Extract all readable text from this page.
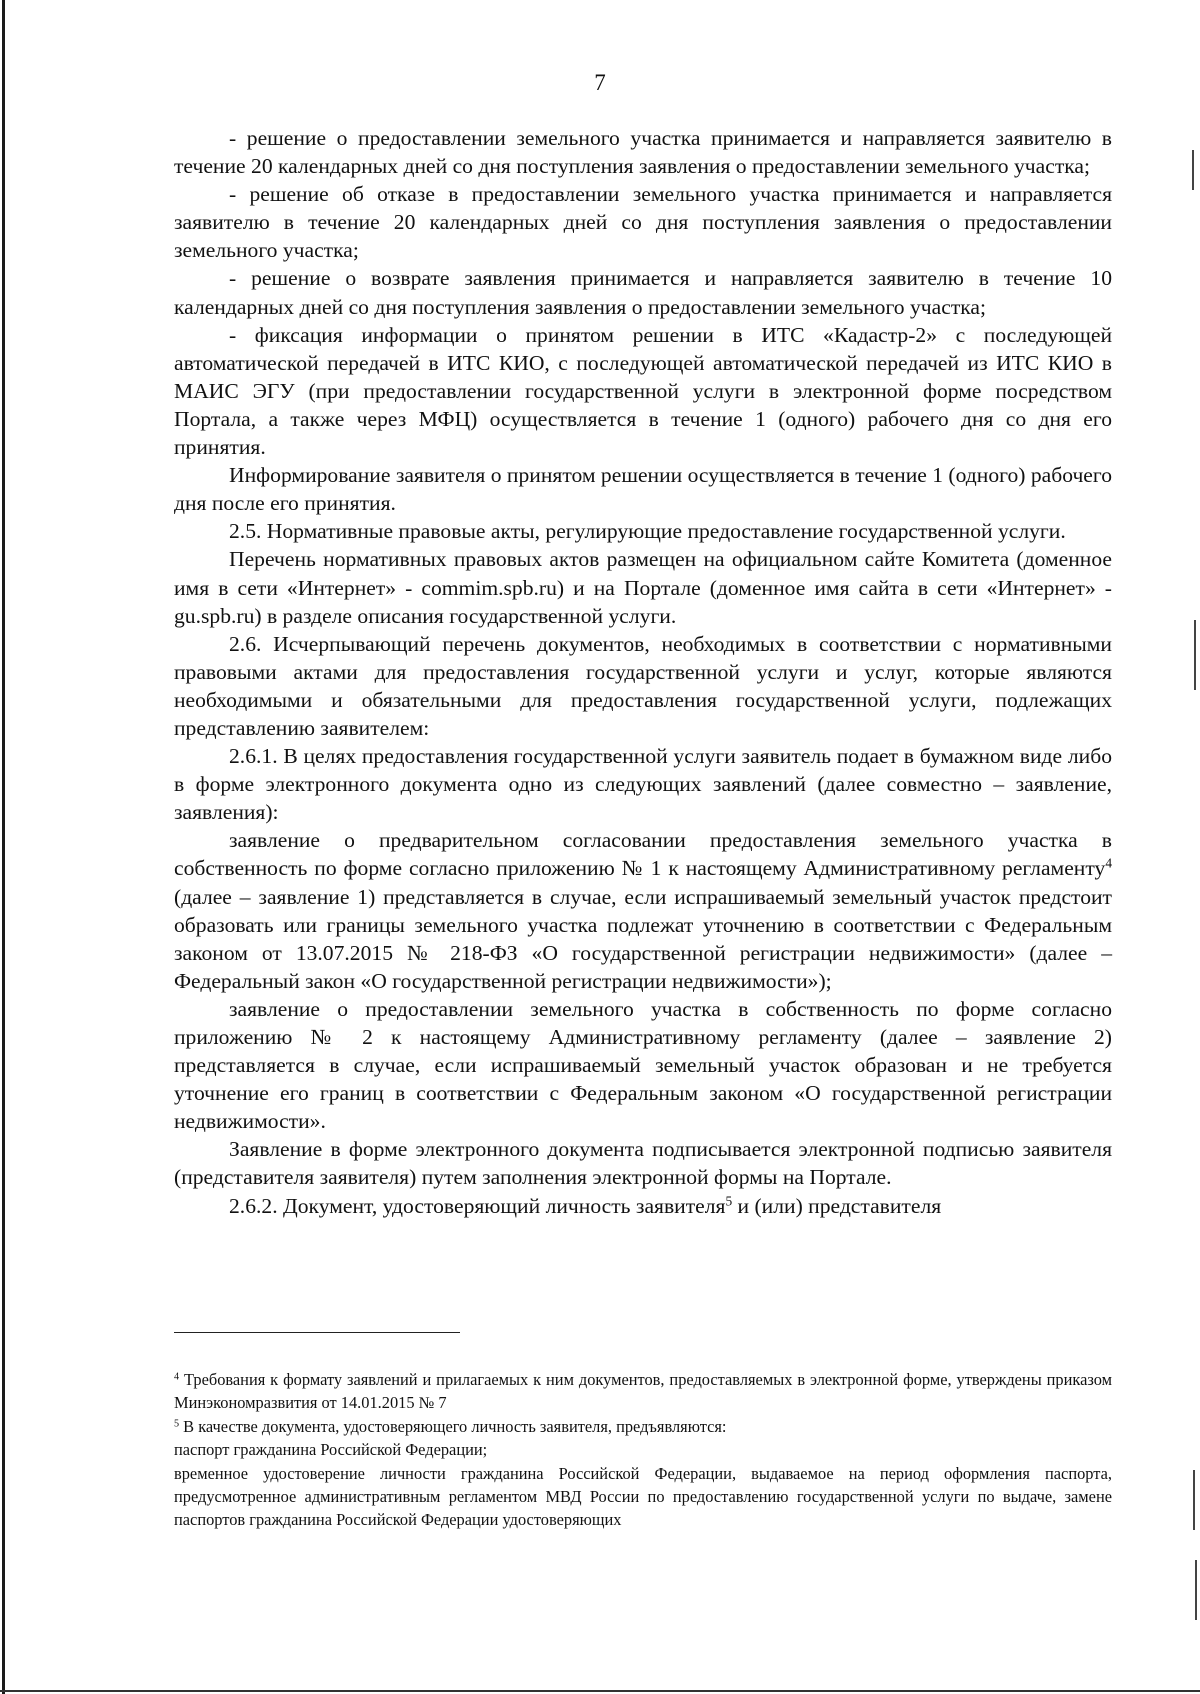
7

- решение о предоставлении земельного участка принимается и направляется заявителю в течение 20 календарных дней со дня поступления заявления о предоставлении земельного участка;

- решение об отказе в предоставлении земельного участка принимается и направляется заявителю в течение 20 календарных дней со дня поступления заявления о предоставлении земельного участка;

- решение о возврате заявления принимается и направляется заявителю в течение 10 календарных дней со дня поступления заявления о предоставлении земельного участка;

- фиксация информации о принятом решении в ИТС «Кадастр-2» с последующей автоматической передачей в ИТС КИО, с последующей автоматической передачей из ИТС КИО в МАИС ЭГУ (при предоставлении государственной услуги в электронной форме посредством Портала, а также через МФЦ) осуществляется в течение 1 (одного) рабочего дня со дня его принятия.

Информирование заявителя о принятом решении осуществляется в течение 1 (одного) рабочего дня после его принятия.

2.5. Нормативные правовые акты, регулирующие предоставление государственной услуги.

Перечень нормативных правовых актов размещен на официальном сайте Комитета (доменное имя в сети «Интернет» - commim.spb.ru) и на Портале (доменное имя сайта в сети «Интернет» - gu.spb.ru) в разделе описания государственной услуги.

2.6. Исчерпывающий перечень документов, необходимых в соответствии с нормативными правовыми актами для предоставления государственной услуги и услуг, которые являются необходимыми и обязательными для предоставления государственной услуги, подлежащих представлению заявителем:

2.6.1. В целях предоставления государственной услуги заявитель подает в бумажном виде либо в форме электронного документа одно из следующих заявлений (далее совместно – заявление, заявления):

заявление о предварительном согласовании предоставления земельного участка в собственность по форме согласно приложению № 1 к настоящему Административному регламенту$^4$ (далее – заявление 1) представляется в случае, если испрашиваемый земельный участок предстоит образовать или границы земельного участка подлежат уточнению в соответствии с Федеральным законом от 13.07.2015 № 218-ФЗ «О государственной регистрации недвижимости» (далее – Федеральный закон «О государственной регистрации недвижимости»);

заявление о предоставлении земельного участка в собственность по форме согласно приложению № 2 к настоящему Административному регламенту (далее – заявление 2) представляется в случае, если испрашиваемый земельный участок образован и не требуется уточнение его границ в соответствии с Федеральным законом «О государственной регистрации недвижимости».

Заявление в форме электронного документа подписывается электронной подписью заявителя (представителя заявителя) путем заполнения электронной формы на Портале.

2.6.2. Документ, удостоверяющий личность заявителя$^5$ и (или) представителя

$^4$ Требования к формату заявлений и прилагаемых к ним документов, предоставляемых в электронной форме, утверждены приказом Минэкономразвития от 14.01.2015 № 7

$^5$ В качестве документа, удостоверяющего личность заявителя, предъявляются:

паспорт гражданина Российской Федерации;

временное удостоверение личности гражданина Российской Федерации, выдаваемое на период оформления паспорта, предусмотренное административным регламентом МВД России по предоставлению государственной услуги по выдаче, замене паспортов гражданина Российской Федерации удостоверяющих
